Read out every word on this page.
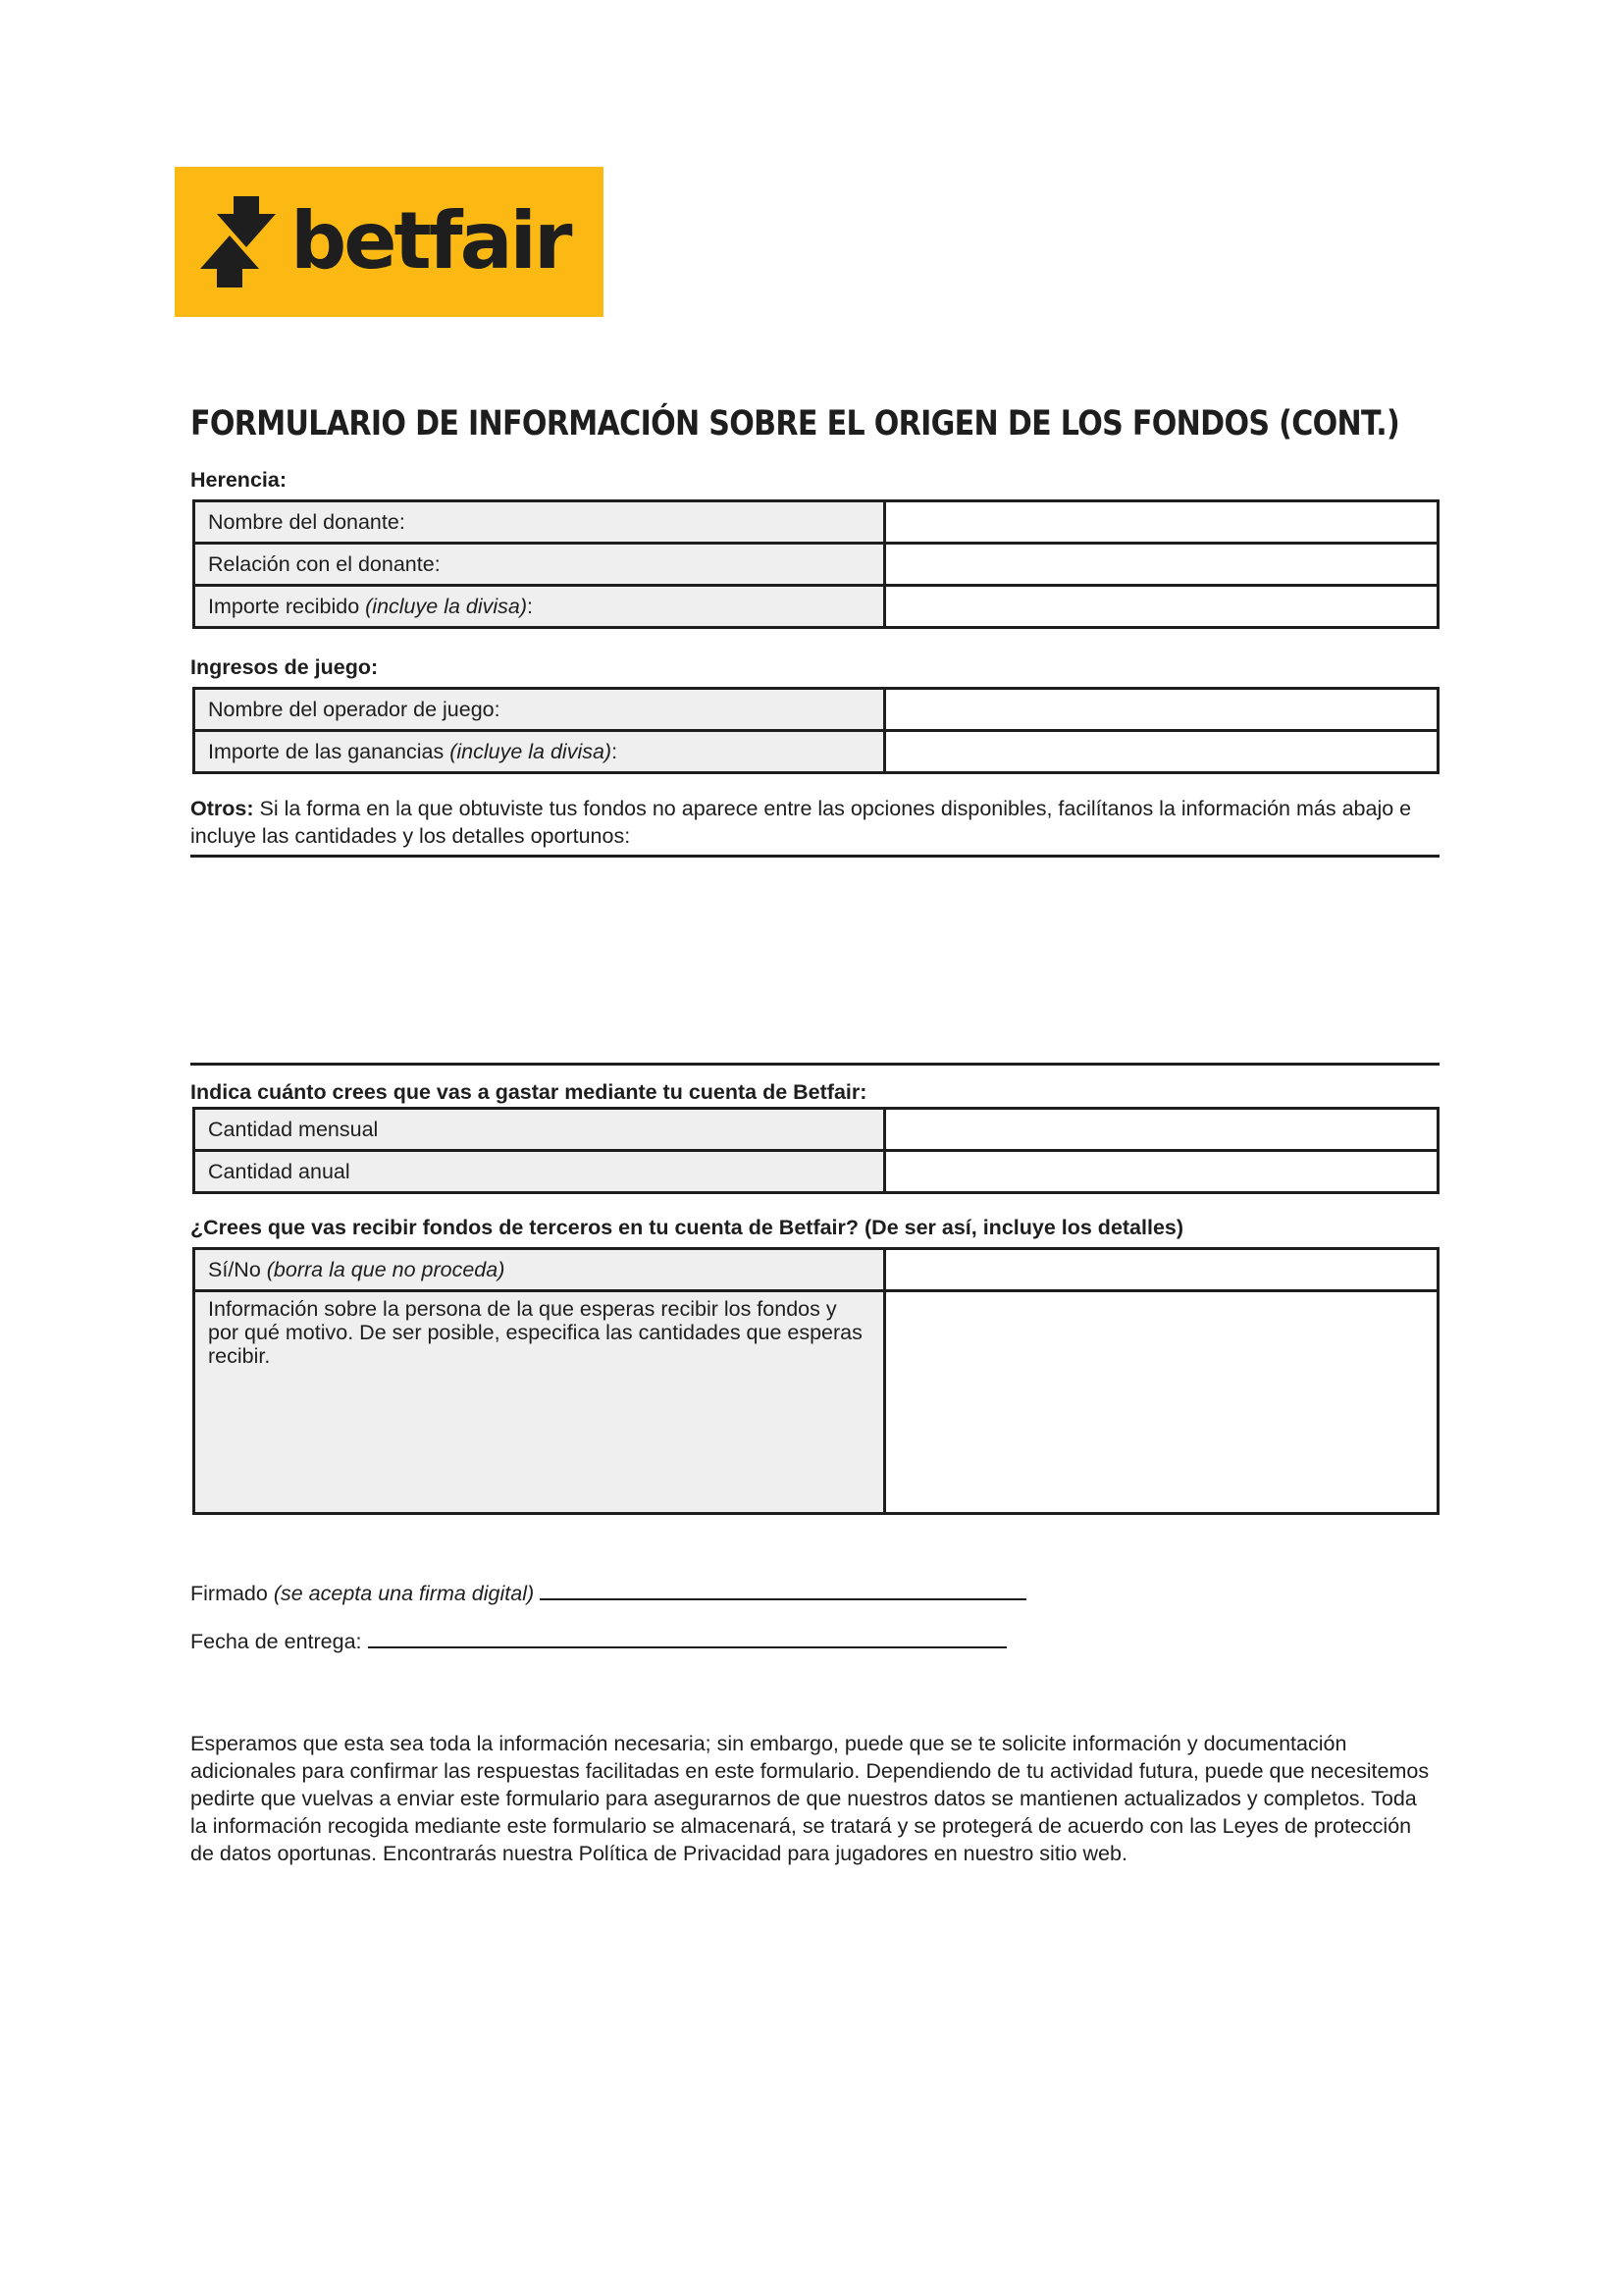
betfair
FORMULARIO DE INFORMACIÓN SOBRE EL ORIGEN DE LOS FONDOS (CONT.)
Herencia:
Nombre del donante:	
Relación con el donante:	
Importe recibido (incluye la divisa):	
Ingresos de juego:
Nombre del operador de juego:	
Importe de las ganancias (incluye la divisa):	
Otros: Si la forma en la que obtuviste tus fondos no aparece entre las opciones disponibles, facilítanos la información más abajo e incluye las cantidades y los detalles oportunos:
Indica cuánto crees que vas a gastar mediante tu cuenta de Betfair:
Cantidad mensual	
Cantidad anual	
¿Crees que vas recibir fondos de terceros en tu cuenta de Betfair? (De ser así, incluye los detalles)
Sí/No (borra la que no proceda)	
Información sobre la persona de la que esperas recibir los fondos y por qué motivo. De ser posible, especifica las cantidades que esperas recibir.	
Firmado (se acepta una firma digital)
Fecha de entrega:
Esperamos que esta sea toda la información necesaria; sin embargo, puede que se te solicite información y documentación adicionales para confirmar las respuestas facilitadas en este formulario. Dependiendo de tu actividad futura, puede que necesitemos pedirte que vuelvas a enviar este formulario para asegurarnos de que nuestros datos se mantienen actualizados y completos. Toda la información recogida mediante este formulario se almacenará, se tratará y se protegerá de acuerdo con las Leyes de protección de datos oportunas. Encontrarás nuestra Política de Privacidad para jugadores en nuestro sitio web.
